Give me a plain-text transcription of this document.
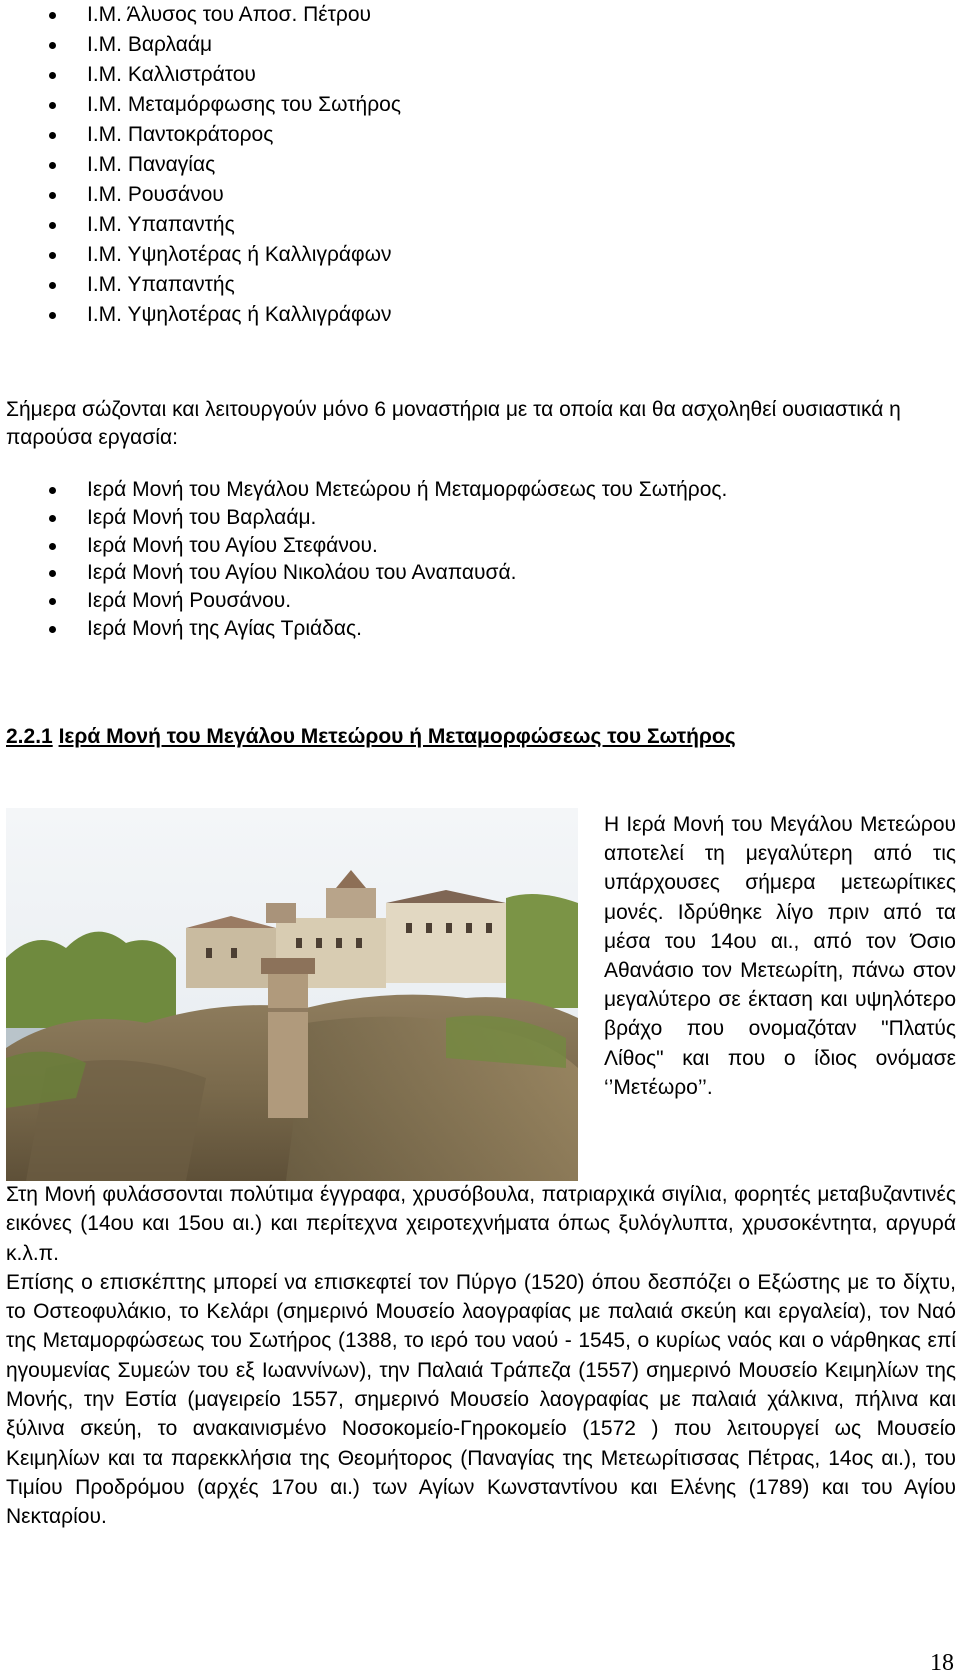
Ι.Μ. Άλυσος του Αποσ. Πέτρου
Ι.Μ. Βαρλαάμ
Ι.Μ. Καλλιστράτου
Ι.Μ. Μεταμόρφωσης του Σωτήρος
Ι.Μ. Παντοκράτορος
Ι.Μ. Παναγίας
Ι.Μ. Ρουσάνου
Ι.Μ. Υπαπαντής
Ι.Μ. Υψηλοτέρας ή Καλλιγράφων
Ι.Μ. Υπαπαντής
Ι.Μ. Υψηλοτέρας ή Καλλιγράφων
Σήμερα σώζονται και λειτουργούν μόνο 6 μοναστήρια με τα οποία και θα ασχοληθεί ουσιαστικά η παρούσα εργασία:
Ιερά Μονή του Μεγάλου Μετεώρου ή Μεταμορφώσεως του Σωτήρος.
Ιερά Μονή του Βαρλαάμ.
Ιερά Μονή του Αγίου Στεφάνου.
Ιερά Μονή του Αγίου Νικολάου του Αναπαυσά.
Ιερά Μονή Ρουσάνου.
Ιερά Μονή της Αγίας Τριάδας.
2.2.1 Ιερά Μονή του Μεγάλου Μετεώρου ή Μεταμορφώσεως του Σωτήρος
Η Ιερά Μονή του Μεγάλου Μετεώρου αποτελεί τη μεγαλύτερη από τις υπάρχουσες σήμερα μετεωρίτικες μονές. Ιδρύθηκε λίγο πριν από τα μέσα του 14ου αι., από τον Όσιο Αθανάσιο τον Μετεωρίτη, πάνω στον μεγαλύτερο σε έκταση και υψηλότερο βράχο που ονομαζόταν "Πλατύς Λίθος" και που ο ίδιος ονόμασε ‘’Μετέωρο’’.

Στη Μονή φυλάσσονται πολύτιμα έγγραφα, χρυσόβουλα, πατριαρχικά σιγίλια, φορητές μεταβυζαντινές εικόνες (14ου και 15ου αι.) και περίτεχνα χειροτεχνήματα όπως ξυλόγλυπτα, χρυσοκέντητα, αργυρά κ.λ.π.

Επίσης ο επισκέπτης μπορεί να επισκεφτεί τον Πύργο (1520) όπου δεσπόζει ο Εξώστης με το δίχτυ, το Οστεοφυλάκιο, το Κελάρι (σημερινό Μουσείο λαογραφίας με παλαιά σκεύη και εργαλεία), τον Ναό της Μεταμορφώσεως του Σωτήρος (1388, το ιερό του ναού - 1545, ο κυρίως ναός και ο νάρθηκας επί ηγουμενίας Συμεών του εξ Ιωαννίνων), την Παλαιά Τράπεζα (1557) σημερινό Μουσείο Κειμηλίων της Μονής, την Εστία (μαγειρείο 1557, σημερινό Μουσείο λαογραφίας με παλαιά χάλκινα, πήλινα και ξύλινα σκεύη, το ανακαινισμένο Νοσοκομείο-Γηροκομείο (1572 ) που λειτουργεί ως Μουσείο Κειμηλίων και τα παρεκκλήσια της Θεομήτορος (Παναγίας της Μετεωρίτισσας Πέτρας, 14ος αι.), του Τιμίου Προδρόμου (αρχές 17ου αι.) των Αγίων Κωνσταντίνου και Ελένης (1789) και του Αγίου Νεκταρίου.

18
